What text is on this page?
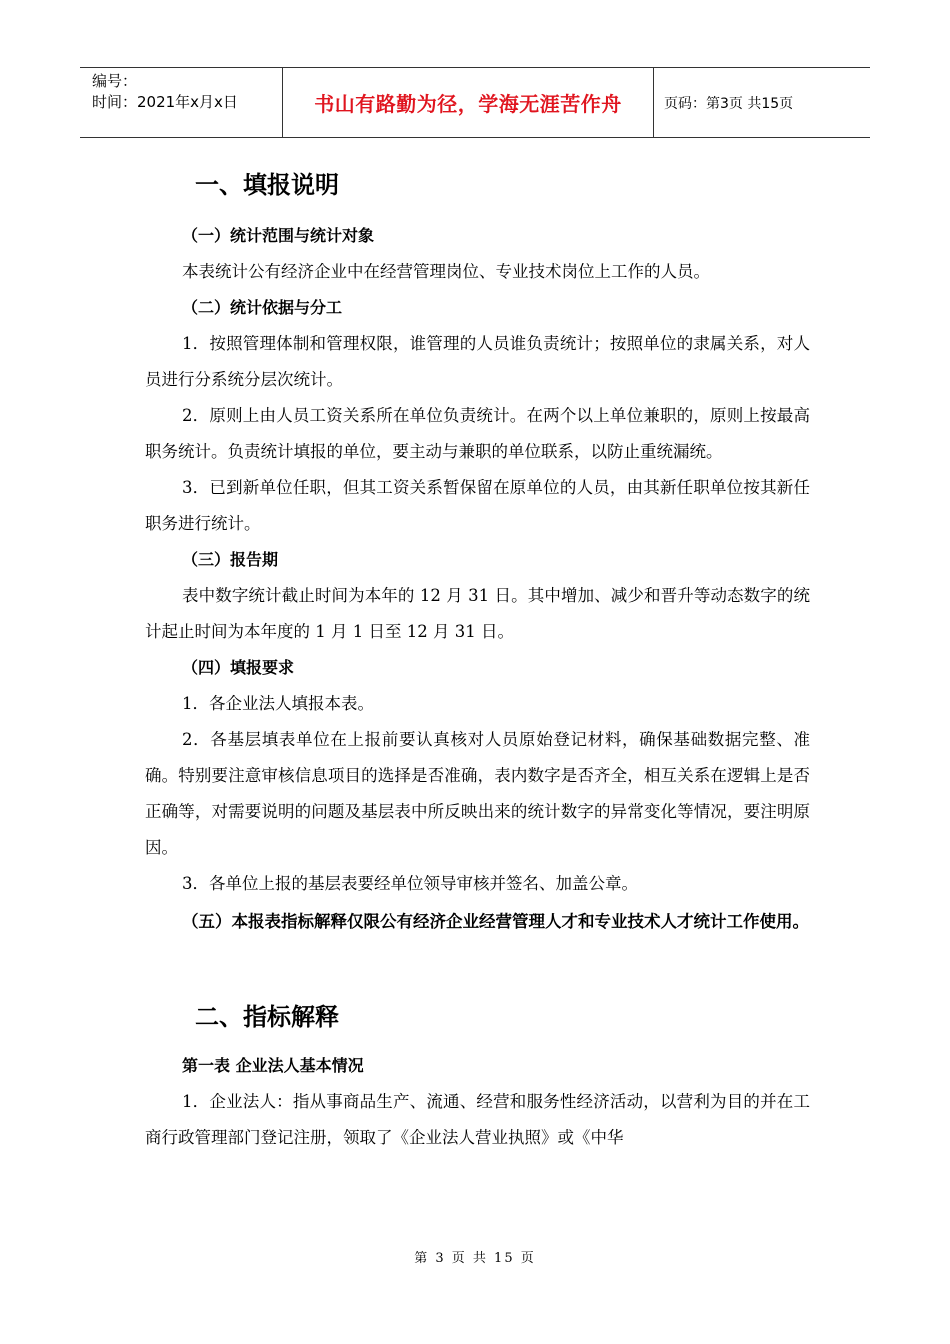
编号：
时间：2021年x月x日	书山有路勤为径，学海无涯苦作舟	页码：第3页 共15页
一、填报说明
（一）统计范围与统计对象

本表统计公有经济企业中在经营管理岗位、专业技术岗位上工作的人员。

（二）统计依据与分工

1．按照管理体制和管理权限，谁管理的人员谁负责统计；按照单位的隶属关系，对人员进行分系统分层次统计。

2．原则上由人员工资关系所在单位负责统计。在两个以上单位兼职的，原则上按最高职务统计。负责统计填报的单位，要主动与兼职的单位联系，以防止重统漏统。

3．已到新单位任职，但其工资关系暂保留在原单位的人员，由其新任职单位按其新任职务进行统计。

（三）报告期

表中数字统计截止时间为本年的 12 月 31 日。其中增加、减少和晋升等动态数字的统计起止时间为本年度的 1 月 1 日至 12 月 31 日。

（四）填报要求

1．各企业法人填报本表。

2．各基层填表单位在上报前要认真核对人员原始登记材料，确保基础数据完整、准确。特别要注意审核信息项目的选择是否准确，表内数字是否齐全，相互关系在逻辑上是否正确等，对需要说明的问题及基层表中所反映出来的统计数字的异常变化等情况，要注明原因。

3．各单位上报的基层表要经单位领导审核并签名、加盖公章。

（五）本报表指标解释仅限公有经济企业经营管理人才和专业技术人才统计工作使用。

二、指标解释
第一表 企业法人基本情况

1．企业法人：指从事商品生产、流通、经营和服务性经济活动，以营利为目的并在工商行政管理部门登记注册，领取了《企业法人营业执照》或《中华

第 3 页 共 15 页
